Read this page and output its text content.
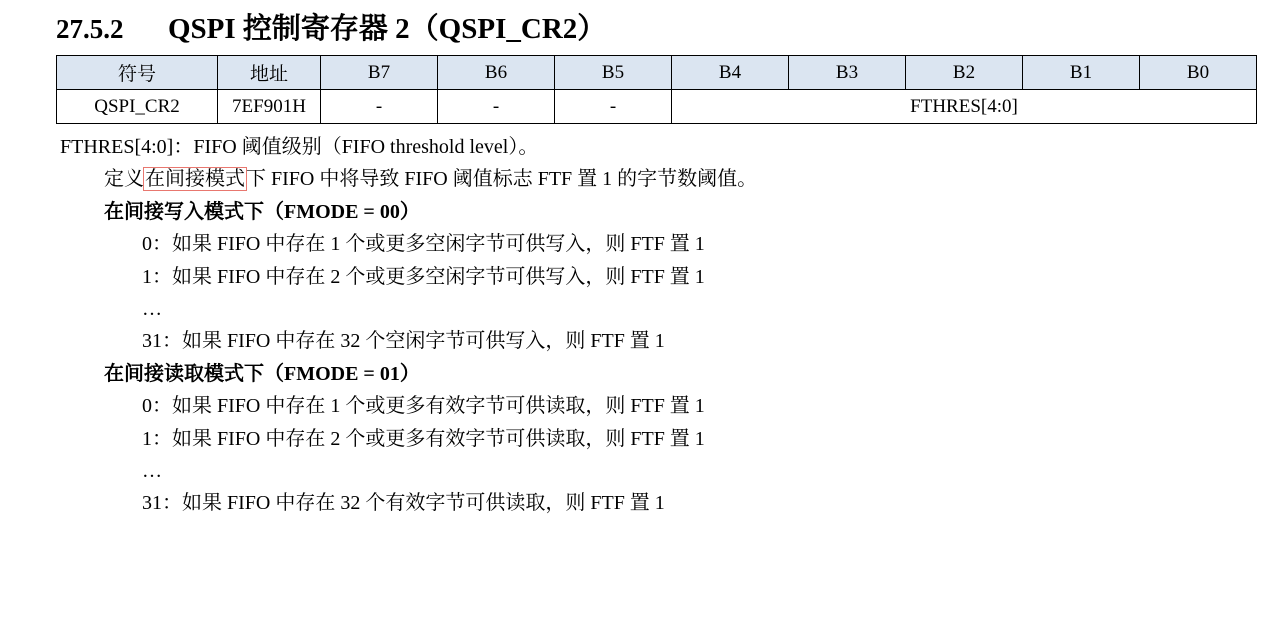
27.5.2	QSPI 控制寄存器 2（QSPI_CR2）
符号	地址	B7	B6	B5	B4	B3	B2	B1	B0
QSPI_CR2	7EF901H	-	-	-	FTHRES[4:0]				
FTHRES[4:0]：FIFO 阈值级别（FIFO threshold level）。
定义在间接模式下 FIFO 中将导致 FIFO 阈值标志 FTF 置 1 的字节数阈值。
在间接写入模式下（FMODE = 00）
0：如果 FIFO 中存在 1 个或更多空闲字节可供写入，则 FTF 置 1
1：如果 FIFO 中存在 2 个或更多空闲字节可供写入，则 FTF 置 1
…
31：如果 FIFO 中存在 32 个空闲字节可供写入，则 FTF 置 1
在间接读取模式下（FMODE = 01）
0：如果 FIFO 中存在 1 个或更多有效字节可供读取，则 FTF 置 1
1：如果 FIFO 中存在 2 个或更多有效字节可供读取，则 FTF 置 1
…
31：如果 FIFO 中存在 32 个有效字节可供读取，则 FTF 置 1
